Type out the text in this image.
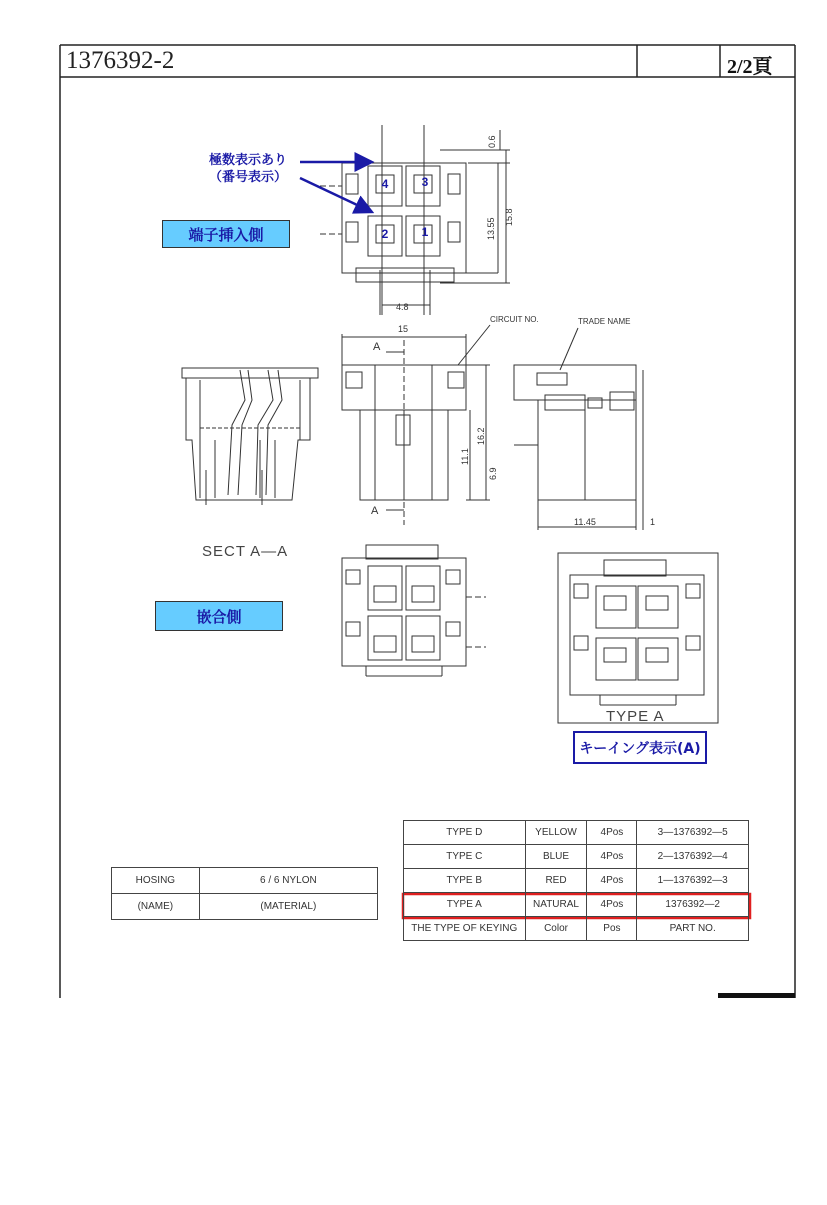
1376392-2	2/2頁
4	3
2	1
0.6
13.55
15.8
4.8
SECT A—A
15
16.2
11.1
6.9
CIRCUIT NO.	TRADE NAME
A
A
11.45	1
TYPE A
極数表示あり
（番号表示）
端子挿入側
嵌合側
キーイング表示(A)
TYPE D	YELLOW	4Pos	3—1376392—5
TYPE C	BLUE	4Pos	2—1376392—4
TYPE B	RED	4Pos	1—1376392—3
TYPE A	NATURAL	4Pos	1376392—2
THE TYPE OF KEYING	Color	Pos	PART NO.
HOSING	6 / 6 NYLON
(NAME)	(MATERIAL)
